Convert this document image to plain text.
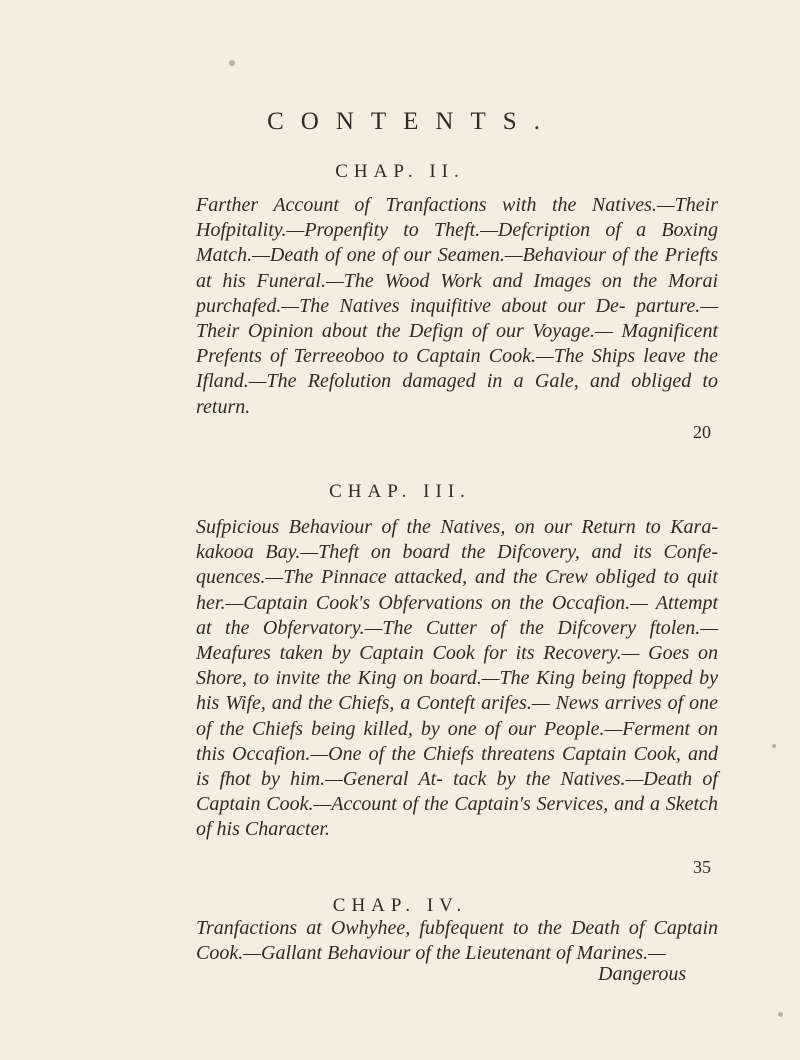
CONTENTS.
CHAP. II.
Farther Account of Tranfactions with the Natives.—Their Hofpitality.—Propenfity to Theft.—Defcription of a Boxing Match.—Death of one of our Seamen.—Behaviour of the Priefts at his Funeral.—The Wood Work and Images on the Morai purchafed.—The Natives inquifitive about our De- parture.—Their Opinion about the Defign of our Voyage.— Magnificent Prefents of Terreeoboo to Captain Cook.—The Ships leave the Ifland.—The Refolution damaged in a Gale, and obliged to return.
20
CHAP. III.
Sufpicious Behaviour of the Natives, on our Return to Kara- kakooa Bay.—Theft on board the Difcovery, and its Confe- quences.—The Pinnace attacked, and the Crew obliged to quit her.—Captain Cook's Obfervations on the Occafion.— Attempt at the Obfervatory.—The Cutter of the Difcovery ftolen.—Meafures taken by Captain Cook for its Recovery.— Goes on Shore, to invite the King on board.—The King being ftopped by his Wife, and the Chiefs, a Conteft arifes.— News arrives of one of the Chiefs being killed, by one of our People.—Ferment on this Occafion.—One of the Chiefs threatens Captain Cook, and is fhot by him.—General At- tack by the Natives.—Death of Captain Cook.—Account of the Captain's Services, and a Sketch of his Character.
35
CHAP. IV.
Tranfactions at Owhyhee, fubfequent to the Death of Captain Cook.—Gallant Behaviour of the Lieutenant of Marines.—
Dangerous
